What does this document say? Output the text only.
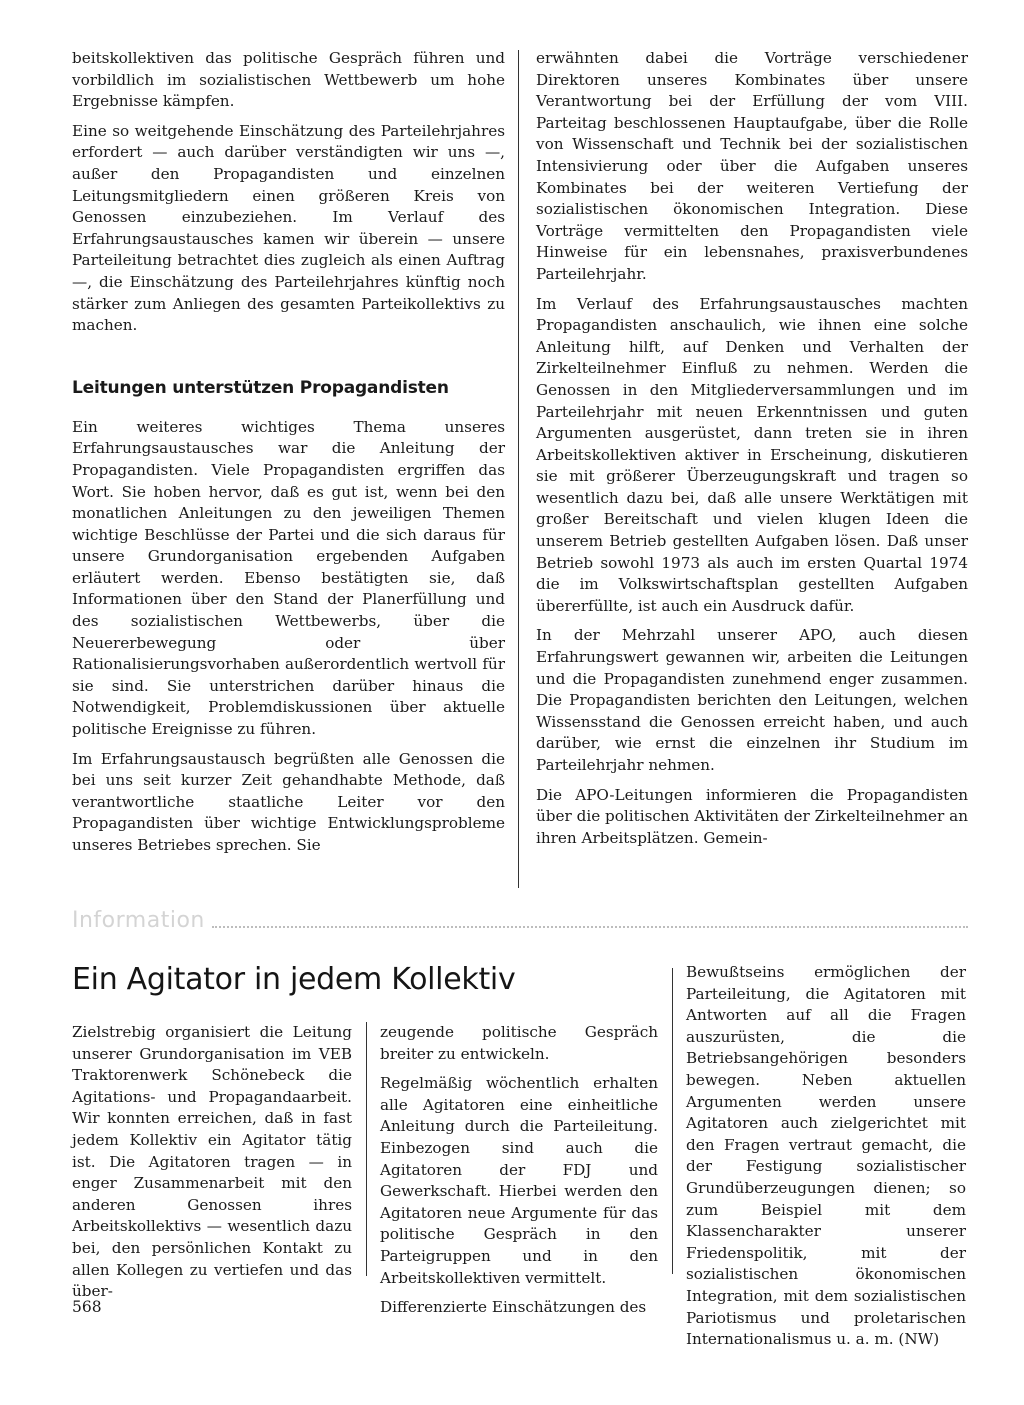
beitskollektiven das politische Gespräch führen und vorbildlich im sozialistischen Wettbewerb um hohe Ergebnisse kämpfen.

Eine so weitgehende Einschätzung des Parteilehrjahres erfordert — auch darüber verständigten wir uns —, außer den Propagandisten und einzelnen Leitungsmitgliedern einen größeren Kreis von Genossen einzubeziehen. Im Verlauf des Erfahrungsaustausches kamen wir überein — unsere Parteileitung betrachtet dies zugleich als einen Auftrag —, die Einschätzung des Parteilehrjahres künftig noch stärker zum Anliegen des gesamten Parteikollektivs zu machen.

Leitungen unterstützen Propagandisten

Ein weiteres wichtiges Thema unseres Erfahrungsaustausches war die Anleitung der Propagandisten. Viele Propagandisten ergriffen das Wort. Sie hoben hervor, daß es gut ist, wenn bei den monatlichen Anleitungen zu den jeweiligen Themen wichtige Beschlüsse der Partei und die sich daraus für unsere Grundorganisation ergebenden Aufgaben erläutert werden. Ebenso bestätigten sie, daß Informationen über den Stand der Planerfüllung und des sozialistischen Wettbewerbs, über die Neuererbewegung oder über Rationalisierungsvorhaben außerordentlich wertvoll für sie sind. Sie unterstrichen darüber hinaus die Notwendigkeit, Problemdiskussionen über aktuelle politische Ereignisse zu führen.

Im Erfahrungsaustausch begrüßten alle Genossen die bei uns seit kurzer Zeit gehandhabte Methode, daß verantwortliche staatliche Leiter vor den Propagandisten über wichtige Entwicklungsprobleme unseres Betriebes sprechen. Sie

erwähnten dabei die Vorträge verschiedener Direktoren unseres Kombinates über unsere Verantwortung bei der Erfüllung der vom VIII. Parteitag beschlossenen Hauptaufgabe, über die Rolle von Wissenschaft und Technik bei der sozialistischen Intensivierung oder über die Aufgaben unseres Kombinates bei der weiteren Vertiefung der sozialistischen ökonomischen Integration. Diese Vorträge vermittelten den Propagandisten viele Hinweise für ein lebensnahes, praxisverbundenes Parteilehrjahr.

Im Verlauf des Erfahrungsaustausches machten Propagandisten anschaulich, wie ihnen eine solche Anleitung hilft, auf Denken und Verhalten der Zirkelteilnehmer Einfluß zu nehmen. Werden die Genossen in den Mitgliederversammlungen und im Parteilehrjahr mit neuen Erkenntnissen und guten Argumenten ausgerüstet, dann treten sie in ihren Arbeitskollektiven aktiver in Erscheinung, diskutieren sie mit größerer Überzeugungskraft und tragen so wesentlich dazu bei, daß alle unsere Werktätigen mit großer Bereitschaft und vielen klugen Ideen die unserem Betrieb gestellten Aufgaben lösen. Daß unser Betrieb sowohl 1973 als auch im ersten Quartal 1974 die im Volkswirtschaftsplan gestellten Aufgaben übererfüllte, ist auch ein Ausdruck dafür.

In der Mehrzahl unserer APO, auch diesen Erfahrungswert gewannen wir, arbeiten die Leitungen und die Propagandisten zunehmend enger zusammen. Die Propagandisten berichten den Leitungen, welchen Wissensstand die Genossen erreicht haben, und auch darüber, wie ernst die einzelnen ihr Studium im Parteilehrjahr nehmen.

Die APO-Leitungen informieren die Propagandisten über die politischen Aktivitäten der Zirkelteilnehmer an ihren Arbeitsplätzen. Gemein-

Information
Ein Agitator in jedem Kollektiv

Zielstrebig organisiert die Leitung unserer Grundorganisation im VEB Traktorenwerk Schönebeck die Agitations- und Propagandaarbeit. Wir konnten erreichen, daß in fast jedem Kollektiv ein Agitator tätig ist. Die Agitatoren tragen — in enger Zusammenarbeit mit den anderen Genossen ihres Arbeitskollektivs — wesentlich dazu bei, den persönlichen Kontakt zu allen Kollegen zu vertiefen und das über-

zeugende politische Gespräch breiter zu entwickeln.

Regelmäßig wöchentlich erhalten alle Agitatoren eine einheitliche Anleitung durch die Parteileitung. Einbezogen sind auch die Agitatoren der FDJ und Gewerkschaft. Hierbei werden den Agitatoren neue Argumente für das politische Gespräch in den Parteigruppen und in den Arbeitskollektiven vermittelt.

Differenzierte Einschätzungen des

Bewußtseins ermöglichen der Parteileitung, die Agitatoren mit Antworten auf all die Fragen auszurüsten, die die Betriebsangehörigen besonders bewegen. Neben aktuellen Argumenten werden unsere Agitatoren auch zielgerichtet mit den Fragen vertraut gemacht, die der Festigung sozialistischer Grundüberzeugungen dienen; so zum Beispiel mit dem Klassencharakter unserer Friedenspolitik, mit der sozialistischen ökonomischen Integration, mit dem sozialistischen Pariotismus und proletarischen Internationalismus u. a. m. (NW)

568
